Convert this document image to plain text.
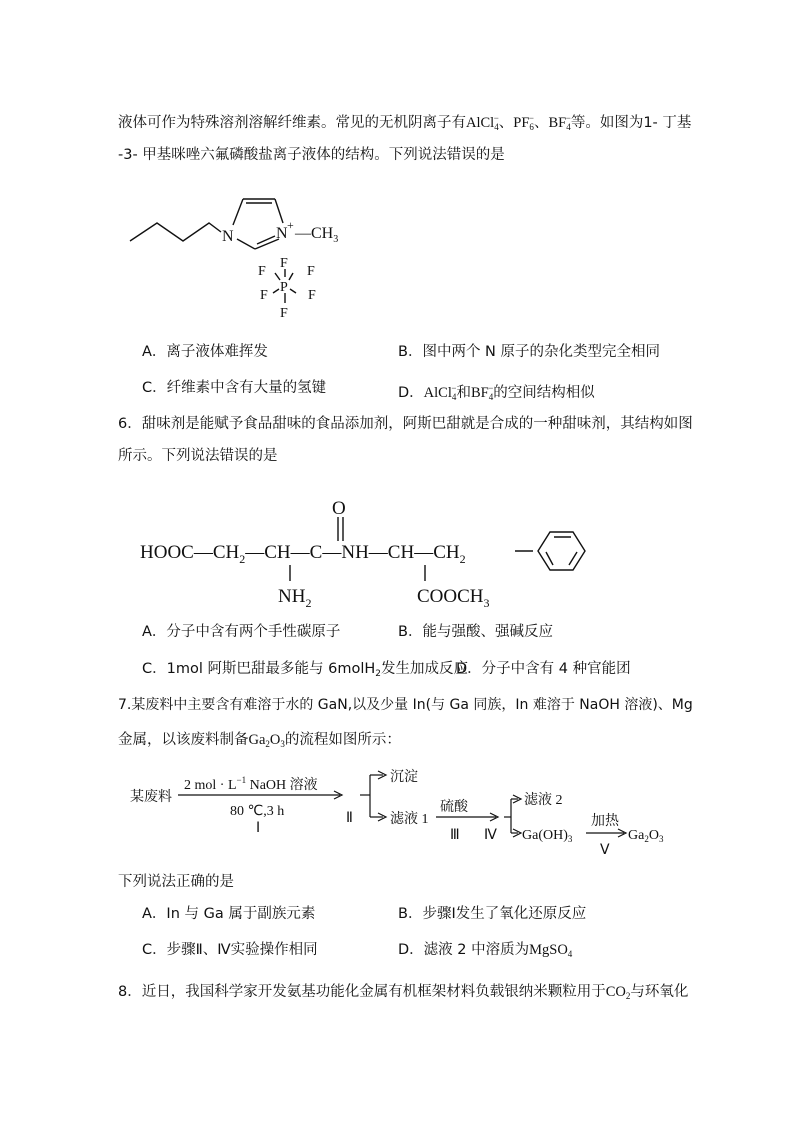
液体可作为特殊溶剂溶解纤维素。常见的无机阴离子有AlCl$_4$−、$PF_6^-$、$BF_4^-$等。如图为1- 丁基
-3- 甲基咪唑六氟磷酸盐离子液体的结构。下列说法错误的是
N	$N + —CH_3$
F
F	F
P
F	F
F
A．离子液体难挥发	B．图中两个 N 原子的杂化类型完全相同
C．纤维素中含有大量的氢键	D．AlCl$_4$−和$BF_4^-$的空间结构相似
6．甜味剂是能赋予食品甜味的食品添加剂，阿斯巴甜就是合成的一种甜味剂，其结构如图
所示。下列说法错误的是
O
$HOOC—CH_2—CH—C—NH—CH—CH_2$
$NH_2$	$COOCH_3$
A．分子中含有两个手性碳原子	B．能与强酸、强碱反应
C．1mol 阿斯巴甜最多能与 6molH$_2$发生加成反应
D．分子中含有 4 种官能团
7.某废料中主要含有难溶于水的 GaN,以及少量 In(与 Ga 同族，In 难溶于 NaOH 溶液)、Mg
金属，以该废料制备$Ga_2O_3$的流程如图所示：
某废料
2 mol · $L^{-1}$ NaOH 溶液
80 ℃,3 h
Ⅰ
Ⅱ
沉淀
滤液 1
硫酸
Ⅲ Ⅳ
滤液 2
$Ga(OH)_3$
加热
Ⅴ
$Ga_2O_3$
下列说法正确的是
A．In 与 Ga 属于副族元素	B．步骤Ⅰ发生了氧化还原反应
C．步骤Ⅱ、Ⅳ实验操作相同	D．滤液 2 中溶质为MgSO$_4$
8．近日，我国科学家开发氨基功能化金属有机框架材料负载银纳米颗粒用于$CO_2$与环氧化
